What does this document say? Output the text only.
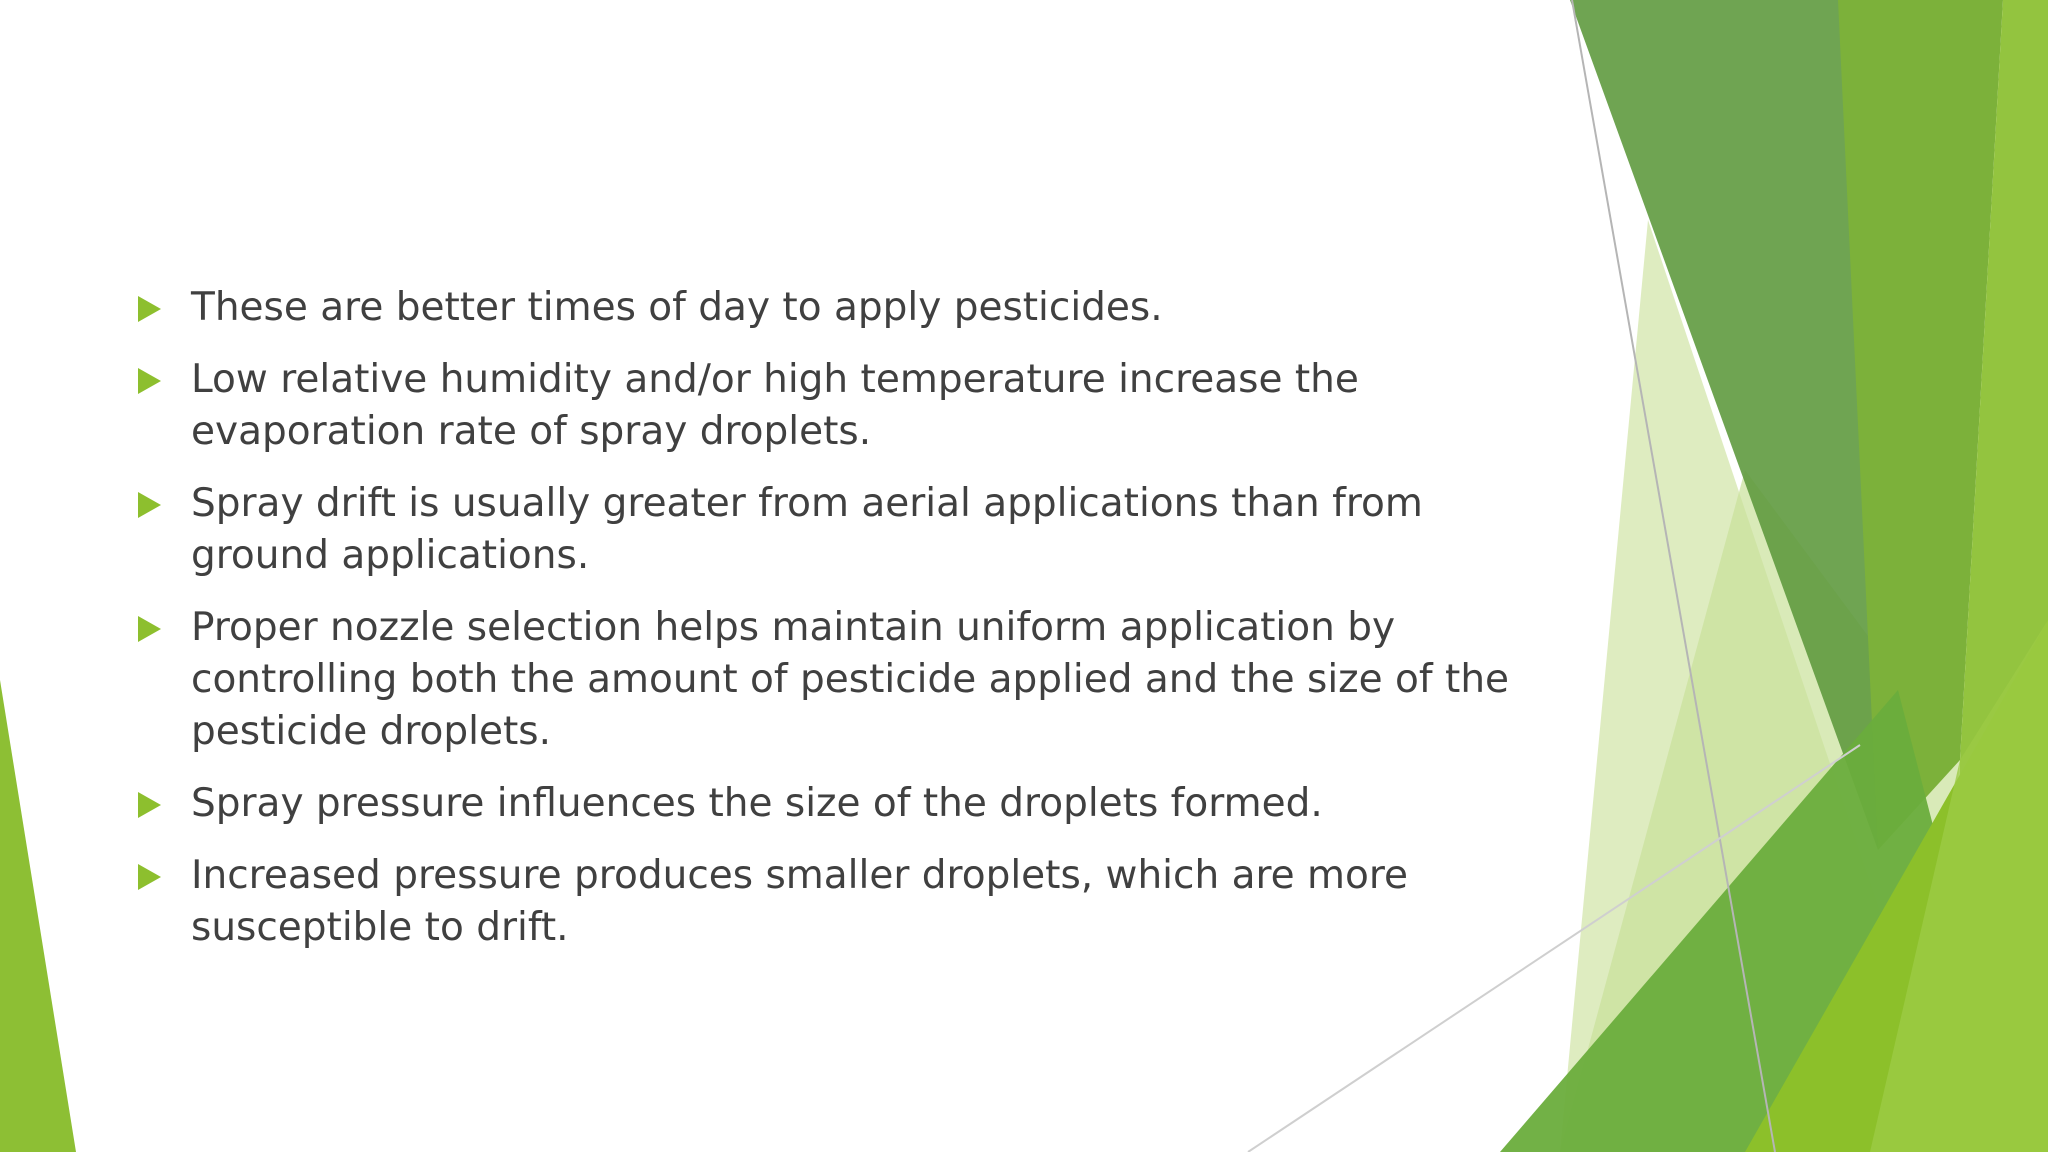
These are better times of day to apply pesticides.
Low relative humidity and/or high temperature increase the evaporation rate of spray droplets.
Spray drift is usually greater from aerial applications than from ground applications.
Proper nozzle selection helps maintain uniform application by controlling both the amount of pesticide applied and the size of the pesticide droplets.
Spray pressure influences the size of the droplets formed.
Increased pressure produces smaller droplets, which are more susceptible to drift.
